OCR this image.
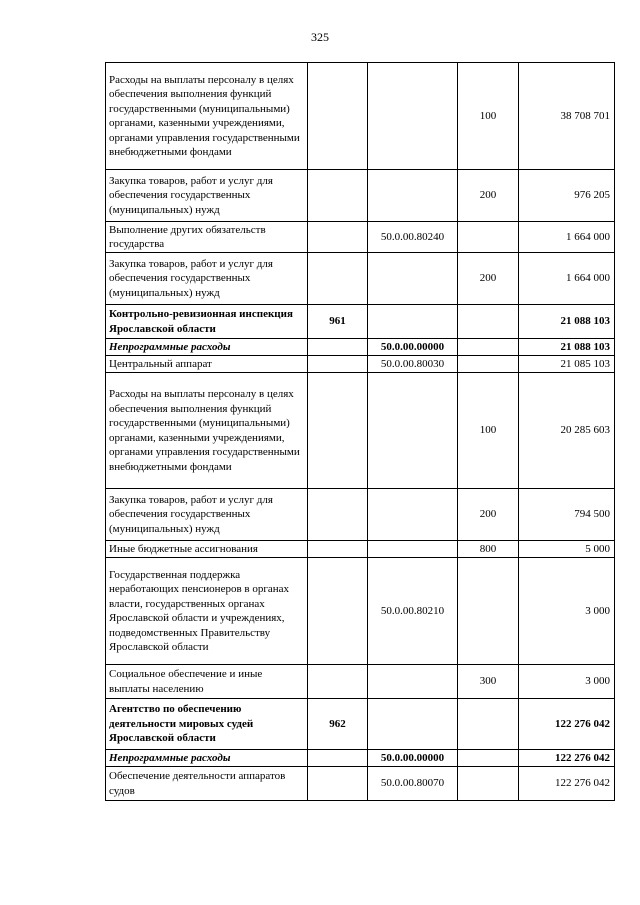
325
Расходы на выплаты персоналу в целях обеспечения выполнения функций государственными (муниципальными) органами, казенными учреждениями, органами управления государственными внебюджетными фондами			100	38 708 701
Закупка товаров, работ и услуг для обеспечения государственных (муниципальных) нужд			200	976 205
Выполнение других обязательств государства		50.0.00.80240		1 664 000
Закупка товаров, работ и услуг для обеспечения государственных (муниципальных) нужд			200	1 664 000
Контрольно-ревизионная инспекция Ярославской области	961			21 088 103
Непрограммные расходы		50.0.00.00000		21 088 103
Центральный аппарат		50.0.00.80030		21 085 103
Расходы на выплаты персоналу в целях обеспечения выполнения функций государственными (муниципальными) органами, казенными учреждениями, органами управления государственными внебюджетными фондами			100	20 285 603
Закупка товаров, работ и услуг для обеспечения государственных (муниципальных) нужд			200	794 500
Иные бюджетные ассигнования			800	5 000
Государственная поддержка неработающих пенсионеров в органах власти, государственных органах Ярославской области и учреждениях, подведомственных Правительству Ярославской области		50.0.00.80210		3 000
Социальное обеспечение и иные выплаты населению			300	3 000
Агентство по обеспечению деятельности мировых судей Ярославской области	962			122 276 042
Непрограммные расходы		50.0.00.00000		122 276 042
Обеспечение деятельности аппаратов судов		50.0.00.80070		122 276 042
